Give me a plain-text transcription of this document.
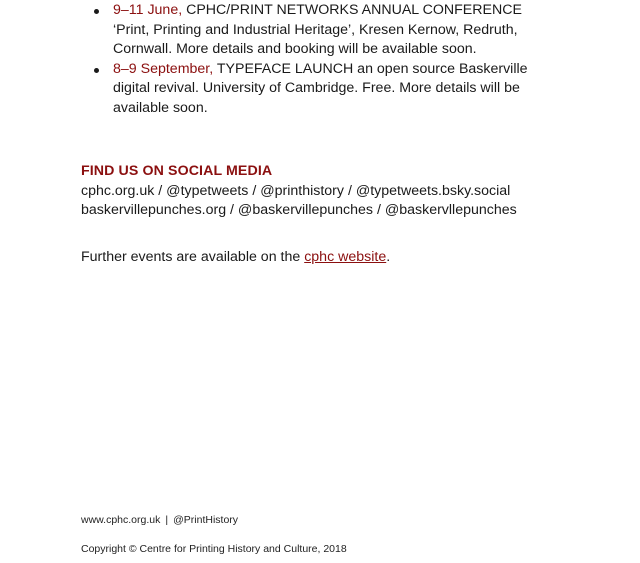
9–11 June, CPHC/PRINT NETWORKS ANNUAL CONFERENCE ‘Print, Printing and Industrial Heritage’, Kresen Kernow, Redruth, Cornwall. More details and booking will be available soon.
8–9 September, TYPEFACE LAUNCH an open source Baskerville digital revival. University of Cambridge. Free. More details will be available soon.
FIND US ON SOCIAL MEDIA

cphc.org.uk / @typetweets / @printhistory / @typetweets.bsky.social

baskervillepunches.org / @baskervillepunches / @baskervllepunches

Further events are available on the cphc website.
www.cphc.org.uk | @PrintHistory
Copyright © Centre for Printing History and Culture, 2018
